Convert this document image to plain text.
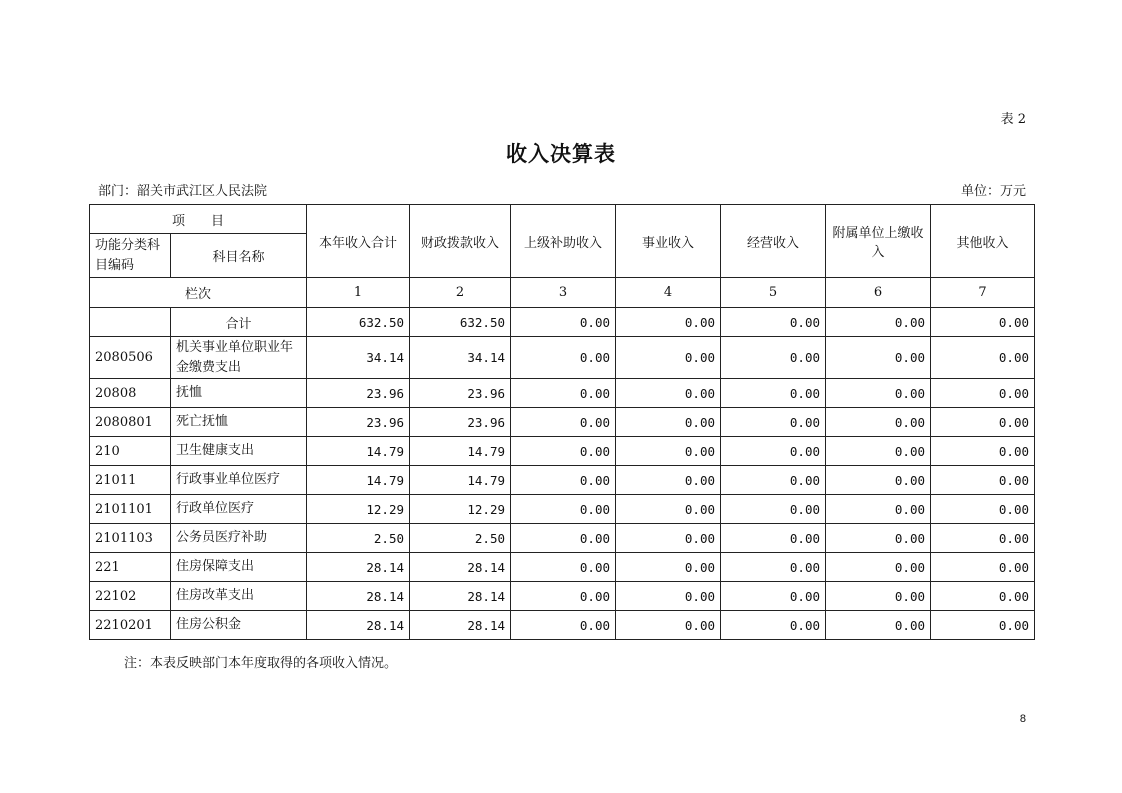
表 2
收入决算表
部门：韶关市武江区人民法院	单位：万元
项　　目		本年收入合计	财政拨款收入	上级补助收入	事业收入	经营收入	附属单位上缴收入	其他收入
功能分类科目编码	科目名称							
栏次		1	2	3	4	5	6	7
	合计	632.50	632.50	0.00	0.00	0.00	0.00	0.00
2080506	机关事业单位职业年金缴费支出	34.14	34.14	0.00	0.00	0.00	0.00	0.00
20808	抚恤	23.96	23.96	0.00	0.00	0.00	0.00	0.00
2080801	死亡抚恤	23.96	23.96	0.00	0.00	0.00	0.00	0.00
210	卫生健康支出	14.79	14.79	0.00	0.00	0.00	0.00	0.00
21011	行政事业单位医疗	14.79	14.79	0.00	0.00	0.00	0.00	0.00
2101101	行政单位医疗	12.29	12.29	0.00	0.00	0.00	0.00	0.00
2101103	公务员医疗补助	2.50	2.50	0.00	0.00	0.00	0.00	0.00
221	住房保障支出	28.14	28.14	0.00	0.00	0.00	0.00	0.00
22102	住房改革支出	28.14	28.14	0.00	0.00	0.00	0.00	0.00
2210201	住房公积金	28.14	28.14	0.00	0.00	0.00	0.00	0.00
注：本表反映部门本年度取得的各项收入情况。
8
